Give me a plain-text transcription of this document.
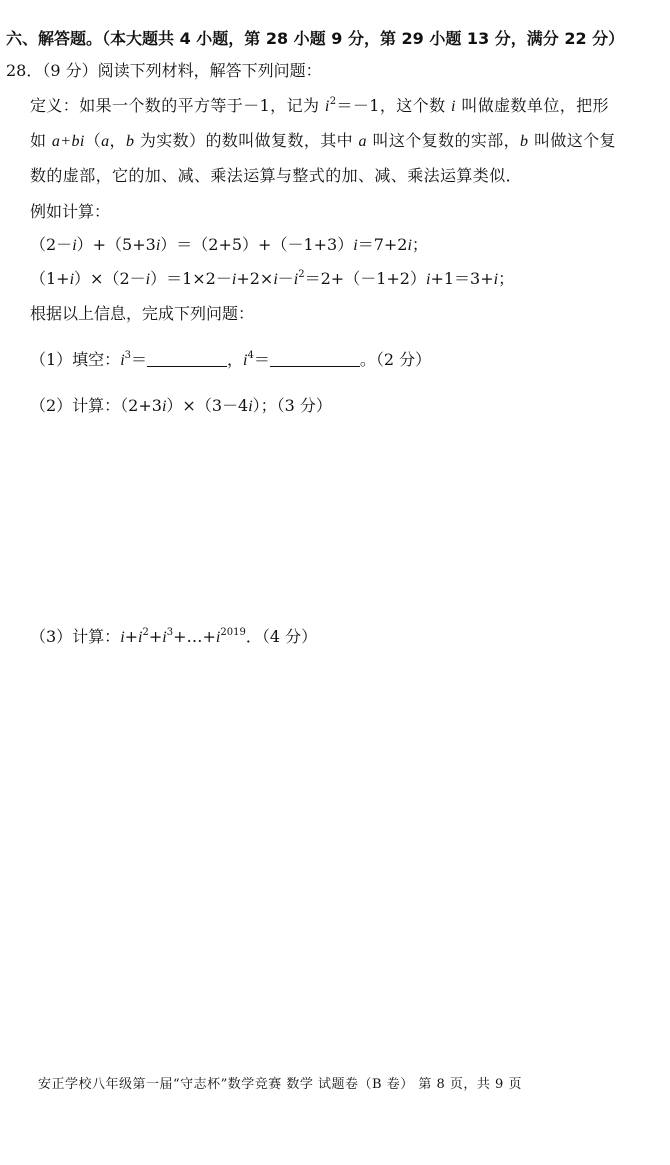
六、解答题。（本大题共 4 小题，第 28 小题 9 分，第 29 小题 13 分，满分 22 分）
28．（9 分）阅读下列材料，解答下列问题：
定义：如果一个数的平方等于－1，记为 $i^2=-1$，这个数 i 叫做虚数单位，把形
如 a+bi（a，b 为实数）的数叫做复数，其中 a 叫这个复数的实部，b 叫做这个复
数的虚部，它的加、减、乘法运算与整式的加、减、乘法运算类似．
例如计算：
（2－i）+（5+3i）＝（2+5）+（－1+3）i＝7+2i；
$(1+i)\times(2-i)=1\times 2-i+2\times i-i^2=2+(-1+2)i+1=3+i$；
根据以上信息，完成下列问题：
（1）填空：$i^3=$	，$i^4=$	。（2 分）
（2）计算：（2+3i）×（3－4i）；（3 分）
（3）计算：$i+i^2+i^3+\dots+i^{2019}$．（4 分）
安正学校八年级第一届“守志杯”数学竞赛 数学 试题卷（B 卷） 第 8 页，共 9 页
